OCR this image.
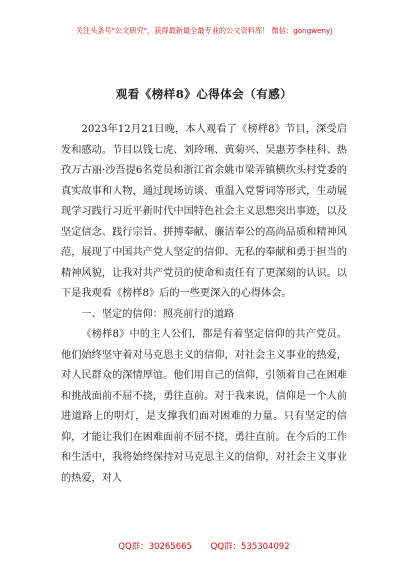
关注头条号"公文研究"，获得最新最全最专业的公文资料库！ 微信：gongwenyj
观看《榜样8》心得体会（有感）

2023年12月21日晚，本人观看了《榜样8》节目，深受启发和感动。节目以钱七虎、刘玲琍、黄菊兴、吴惠芳李桂科、热孜万古丽·沙吾提6名党员和浙江省余姚市梁弄镇横坎头村党委的真实故事和人物，通过现场访谈、重温入党誓词等形式，生动展现学习践行习近平新时代中国特色社会主义思想突出事迹，以及坚定信念、践行宗旨、拼搏奉献、廉洁奉公的高尚品质和精神风范，展现了中国共产党人坚定的信仰、无私的奉献和勇于担当的精神风貌，让我对共产党员的使命和责任有了更深刻的认识。以下是我观看《榜样8》后的一些更深入的心得体会。

一、坚定的信仰：照亮前行的道路

《榜样8》中的主人公们，都是有着坚定信仰的共产党员。他们始终坚守着对马克思主义的信仰，对社会主义事业的热爱，对人民群众的深情厚谊。他们用自己的信仰，引领着自己在困难和挑战面前不屈不挠，勇往直前。对于我来说，信仰是一个人前进道路上的明灯，是支撑我们面对困难的力量。只有坚定的信仰，才能让我们在困难面前不屈不挠，勇往直前。在今后的工作和生活中，我将始终保持对马克思主义的信仰，对社会主义事业的热爱，对人

QQ群：30265665 QQ群：535304092
